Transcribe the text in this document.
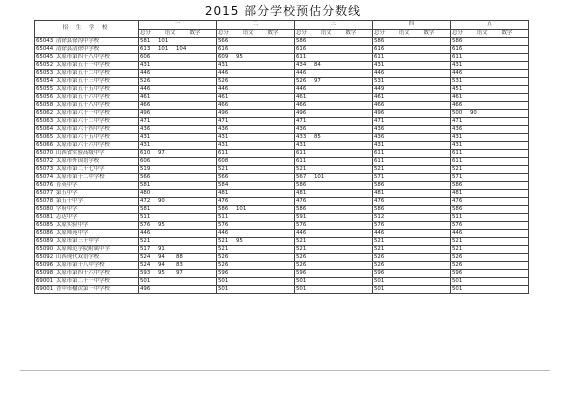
2015 部分学校预估分数线
招 生 学 校	一	二	三	四	五
	总分 语文 数学	总分 语文 数学	总分 语文 数学	总分 语文 数学	总分 语文 数学
65043 清徐县徐沟中学校	581 101	566	586	586	586
65044 清徐县清徐中学校	613 101 104	616	616	616	616
65045 太原市第四十八中学校	606	609 95	611	611	611
65052 太原市第五十一中学校	431	431	434 84	431	431
65053 太原市第五十二中学校	446	446	446	446	446
65054 太原市第五十三中学校	526	526	526 97	531	531
65055 太原市第五十五中学校	446	446	446	449	451
65056 太原市第五十六中学校	461	461	461	461	461
65058 太原市第五十八中学校	466	466	466	466	466
65062 太原市第六十一中学校	496	496	496	496	500 90
65063 太原市第六十二中学校	471	471	471	471	471
65064 太原市第六十四中学校	436	436	436	436	436
65065 太原市第六十五中学校	431	431	433 85	436	431
65066 太原市第六十六中学校	431	431	431	431	431
65070 山西省实验高级中学	610 97	611	611	611	611
65072 太原市外国语学校	606	608	611	611	611
65073 太原市第二十七中学	519	521	521	521	521
65074 太原市第十二中学校	566	566	567 101	571	571
65076 育英中学	581	584	586	586	586
65077 第五中学	480	481	481	481	481
65078 第五十中学	472 90	476	476	476	476
65080 学府中学	581	586 101	586	586	586
65081 志达中学	511	511	591	512	511
65085 太原实验中学	576 95	576	576	576	576
65086 太原师苑中学	446	446	446	446	446
65089 太原市第三十中学	521	521 95	521	521	521
65090 太原师范学院附属中学	517 91	521	521	521	521
65092 山西现代双语学校	524 94 88	526	526	526	526
65096 太原市第十八中学校	524 94 83	526	526	526	526
65098 太原市第四十六中学校	593 95 97	596	596	596	596
69001 太原市第二十一中学校	501	501	501	501	501
69001 晋中市榆次第一中学校	496	501	501	501	501
